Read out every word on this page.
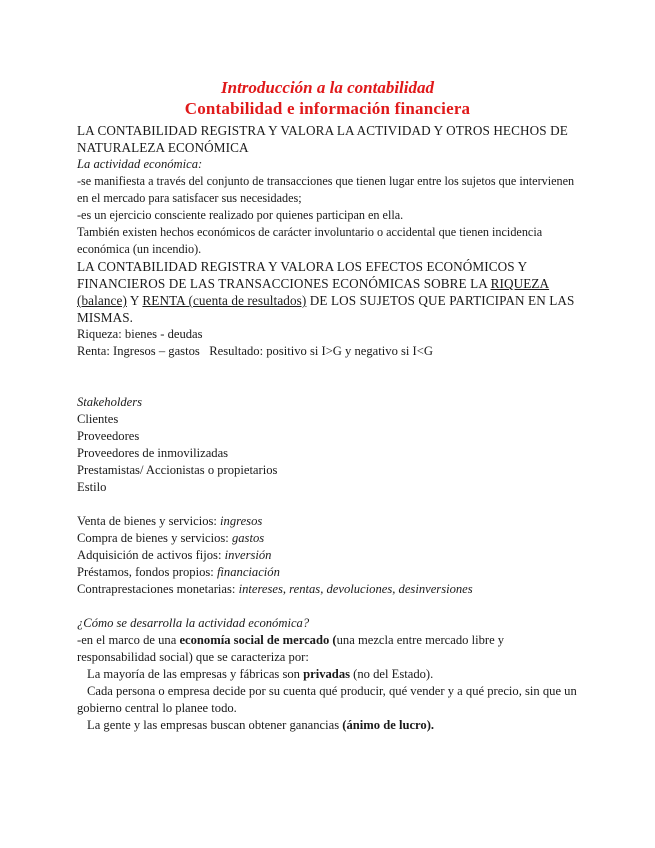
Introducción a la contabilidad
Contabilidad e información financiera

LA CONTABILIDAD REGISTRA Y VALORA LA ACTIVIDAD Y OTROS HECHOS DE NATURALEZA ECONÓMICA

La actividad económica:

-se manifiesta a través del conjunto de transacciones que tienen lugar entre los sujetos que intervienen en el mercado para satisfacer sus necesidades;

-es un ejercicio consciente realizado por quienes participan en ella.

También existen hechos económicos de carácter involuntario o accidental que tienen incidencia económica (un incendio).

LA CONTABILIDAD REGISTRA Y VALORA LOS EFECTOS ECONÓMICOS Y FINANCIEROS DE LAS TRANSACCIONES ECONÓMICAS SOBRE LA RIQUEZA (balance) Y RENTA (cuenta de resultados) DE LOS SUJETOS QUE PARTICIPAN EN LAS MISMAS.

Riqueza: bienes - deudas

Renta: Ingresos – gastos   Resultado: positivo si I>G y negativo si I<G

Stakeholders

Clientes

Proveedores

Proveedores de inmovilizadas

Prestamistas/ Accionistas o propietarios

Estilo

Venta de bienes y servicios: ingresos

Compra de bienes y servicios: gastos

Adquisición de activos fijos: inversión

Préstamos, fondos propios: financiación

Contraprestaciones monetarias: intereses, rentas, devoluciones, desinversiones

¿Cómo se desarrolla la actividad económica?

-en el marco de una economía social de mercado (una mezcla entre mercado libre y responsabilidad social) que se caracteriza por:

La mayoría de las empresas y fábricas son privadas (no del Estado).

Cada persona o empresa decide por su cuenta qué producir, qué vender y a qué precio, sin que un gobierno central lo planee todo.

La gente y las empresas buscan obtener ganancias (ánimo de lucro).
